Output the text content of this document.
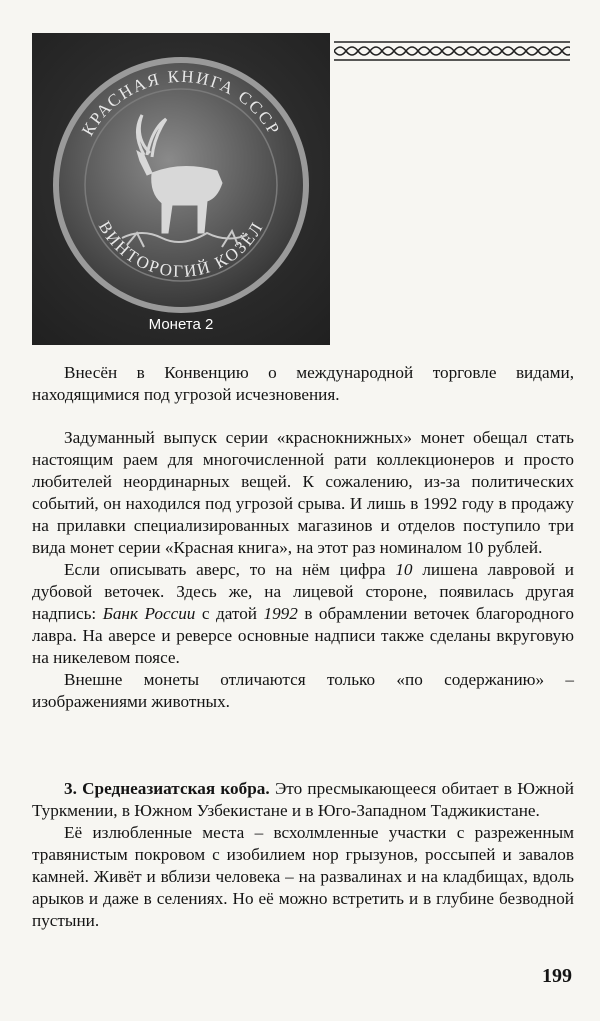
КРАСНАЯ КНИГА СССР
ВИНТОРОГИЙ КОЗЁЛ
Монета 2

Внесён в Конвенцию о международной торговле видами, находящимися под угрозой исчезновения.

Задуманный выпуск серии «краснокнижных» монет обещал стать настоящим раем для многочисленной рати коллекционеров и просто любителей неординарных вещей. К сожалению, из-за политических событий, он находился под угрозой срыва. И лишь в 1992 году в продажу на прилавки специализированных магазинов и отделов поступило три вида монет серии «Красная книга», на этот раз номиналом 10 рублей.

Если описывать аверс, то на нём цифра 10 лишена лавровой и дубовой веточек. Здесь же, на лицевой стороне, появилась другая надпись: Банк России с датой 1992 в обрамлении веточек благородного лавра. На аверсе и реверсе основные надписи также сделаны вкруговую на никелевом поясе.

Внешне монеты отличаются только «по содержанию» – изображениями животных.

3. Среднеазиатская кобра. Это пресмыкающееся обитает в Южной Туркмении, в Южном Узбекистане и в Юго-Западном Таджикистане.

Её излюбленные места – всхолмленные участки с разреженным травянистым покровом с изобилием нор грызунов, россыпей и завалов камней. Живёт и вблизи человека – на развалинах и на кладбищах, вдоль арыков и даже в селениях. Но её можно встретить и в глубине безводной пустыни.

199
